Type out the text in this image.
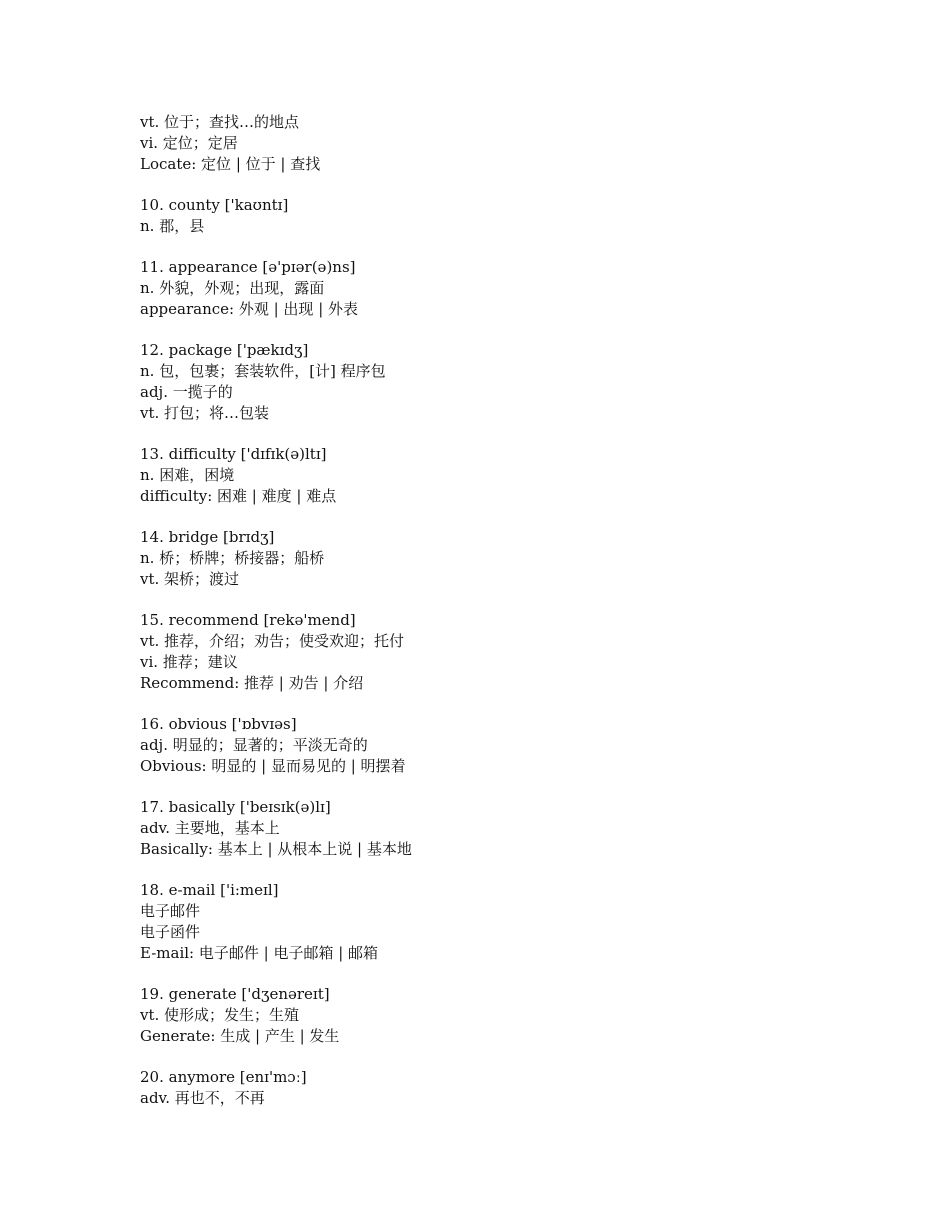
vt. 位于；查找…的地点
vi. 定位；定居
Locate: 定位 | 位于 | 查找
10. county ['kaʊntɪ]
n. 郡，县
11. appearance [ə'pɪər(ə)ns]
n. 外貌，外观；出现，露面
appearance: 外观 | 出现 | 外表
12. package ['pækɪdʒ]
n. 包，包裹；套装软件，[计] 程序包
adj. 一揽子的
vt. 打包；将…包装
13. difficulty ['dɪfɪk(ə)ltɪ]
n. 困难，困境
difficulty: 困难 | 难度 | 难点
14. bridge [brɪdʒ]
n. 桥；桥牌；桥接器；船桥
vt. 架桥；渡过
15. recommend [rekə'mend]
vt. 推荐，介绍；劝告；使受欢迎；托付
vi. 推荐；建议
Recommend: 推荐 | 劝告 | 介绍
16. obvious ['ɒbvɪəs]
adj. 明显的；显著的；平淡无奇的
Obvious: 明显的 | 显而易见的 | 明摆着
17. basically ['beɪsɪk(ə)lɪ]
adv. 主要地，基本上
Basically: 基本上 | 从根本上说 | 基本地
18. e-mail ['i:meɪl]
电子邮件
电子函件
E-mail: 电子邮件 | 电子邮箱 | 邮箱
19. generate ['dʒenəreɪt]
vt. 使形成；发生；生殖
Generate: 生成 | 产生 | 发生
20. anymore [enɪ'mɔː]
adv. 再也不，不再
